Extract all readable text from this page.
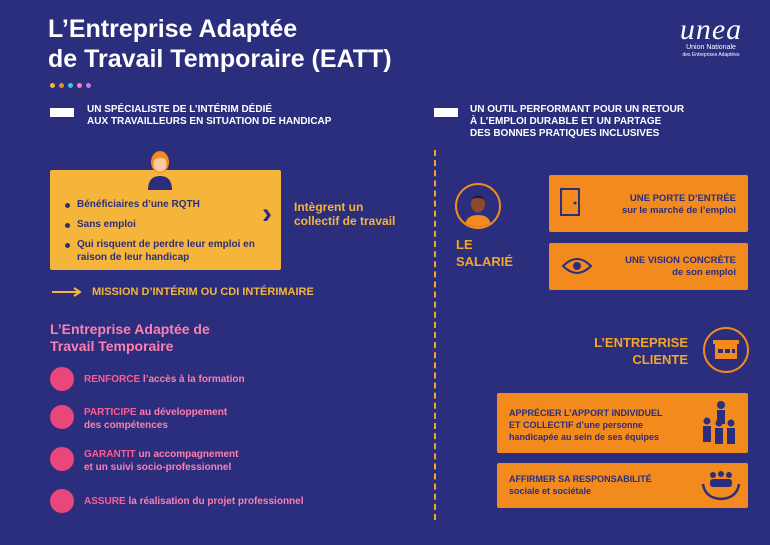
L’Entreprise Adaptée
de Travail Temporaire (EATT)
unea
Union Nationale
des Entreprises Adaptées
UN SPÉCIALISTE DE L’INTÉRIM DÉDIÉ
AUX TRAVAILLEURS EN SITUATION DE HANDICAP
UN OUTIL PERFORMANT POUR UN RETOUR
À L’EMPLOI DURABLE ET UN PARTAGE
DES BONNES PRATIQUES INCLUSIVES
Bénéficiaires d’une RQTH
Sans emploi
Qui risquent de perdre leur emploi en raison de leur handicap
› Intègrent un
collectif de travail
MISSION D’INTÉRIM OU CDI INTÉRIMAIRE
L’Entreprise Adaptée de
Travail Temporaire
RENFORCE l’accès à la formation
PARTICIPE au développement
des compétences
GARANTIT un accompagnement
et un suivi socio-professionnel
ASSURE la réalisation du projet professionnel
LE
SALARIÉ
UNE PORTE D’ENTRÉE
sur le marché de l’emploi
UNE VISION CONCRÈTE
de son emploi
L’ENTREPRISE
CLIENTE
APPRÉCIER L’APPORT INDIVIDUEL
ET COLLECTIF d’une personne
handicapée au sein de ses équipes
AFFIRMER SA RESPONSABILITÉ
sociale et sociétale
